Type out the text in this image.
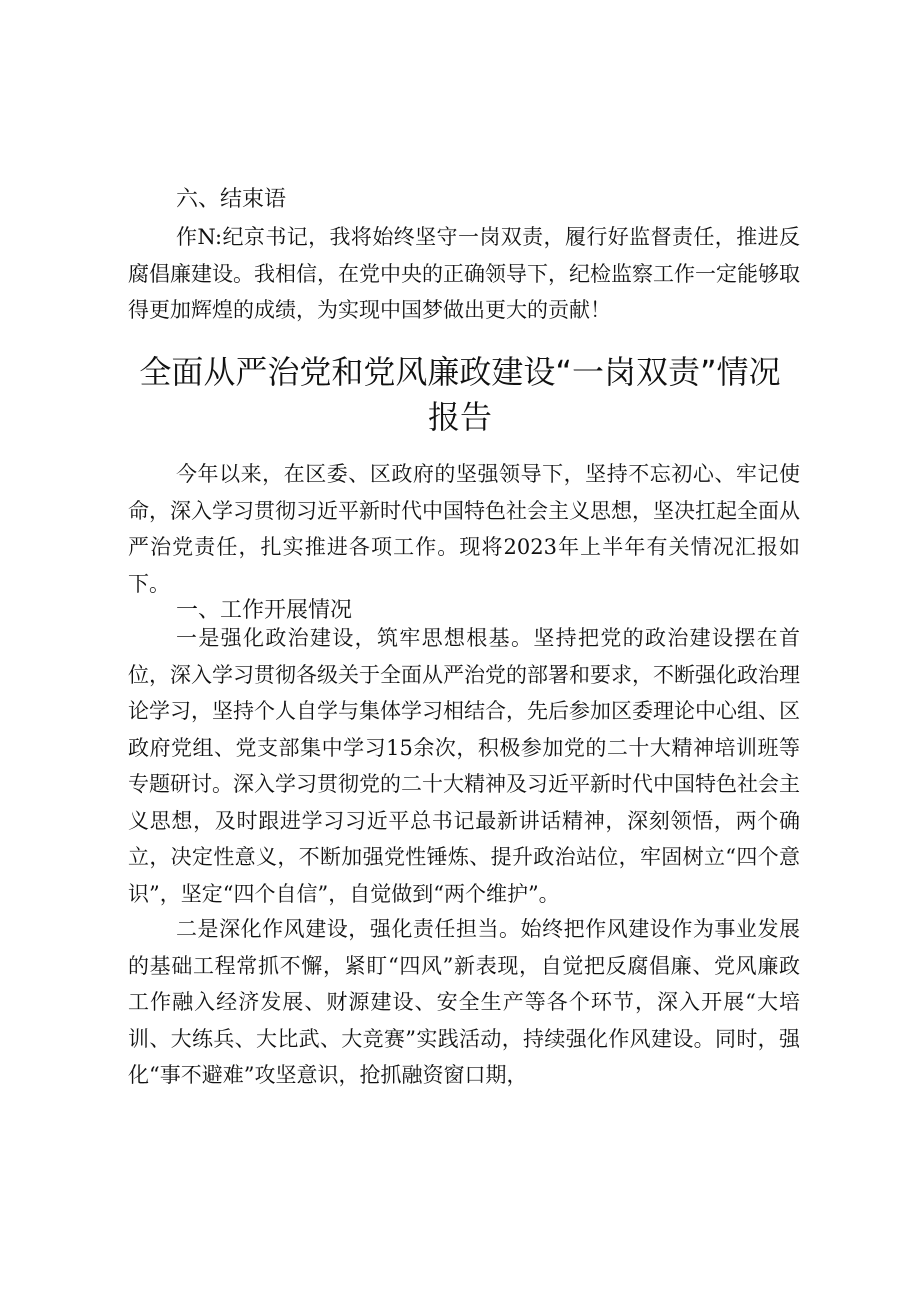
六、结束语

作N:纪京书记，我将始终坚守一岗双责，履行好监督责任，推进反腐倡廉建设。我相信，在党中央的正确领导下，纪检监察工作一定能够取得更加辉煌的成绩，为实现中国梦做出更大的贡献！

全面从严治党和党风廉政建设“一岗双责”情况
报告

今年以来，在区委、区政府的坚强领导下，坚持不忘初心、牢记使命，深入学习贯彻习近平新时代中国特色社会主义思想，坚决扛起全面从严治党责任，扎实推进各项工作。现将2023年上半年有关情况汇报如下。

一、工作开展情况

一是强化政治建设，筑牢思想根基。坚持把党的政治建设摆在首位，深入学习贯彻各级关于全面从严治党的部署和要求，不断强化政治理论学习，坚持个人自学与集体学习相结合，先后参加区委理论中心组、区政府党组、党支部集中学习15余次，积极参加党的二十大精神培训班等专题研讨。深入学习贯彻党的二十大精神及习近平新时代中国特色社会主义思想，及时跟进学习习近平总书记最新讲话精神，深刻领悟，两个确立，决定性意义，不断加强党性锤炼、提升政治站位，牢固树立“四个意识”，坚定“四个自信”，自觉做到“两个维护”。

二是深化作风建设，强化责任担当。始终把作风建设作为事业发展的基础工程常抓不懈，紧盯“四风”新表现，自觉把反腐倡廉、党风廉政工作融入经济发展、财源建设、安全生产等各个环节，深入开展“大培训、大练兵、大比武、大竞赛”实践活动，持续强化作风建设。同时，强化“事不避难”攻坚意识，抢抓融资窗口期，
